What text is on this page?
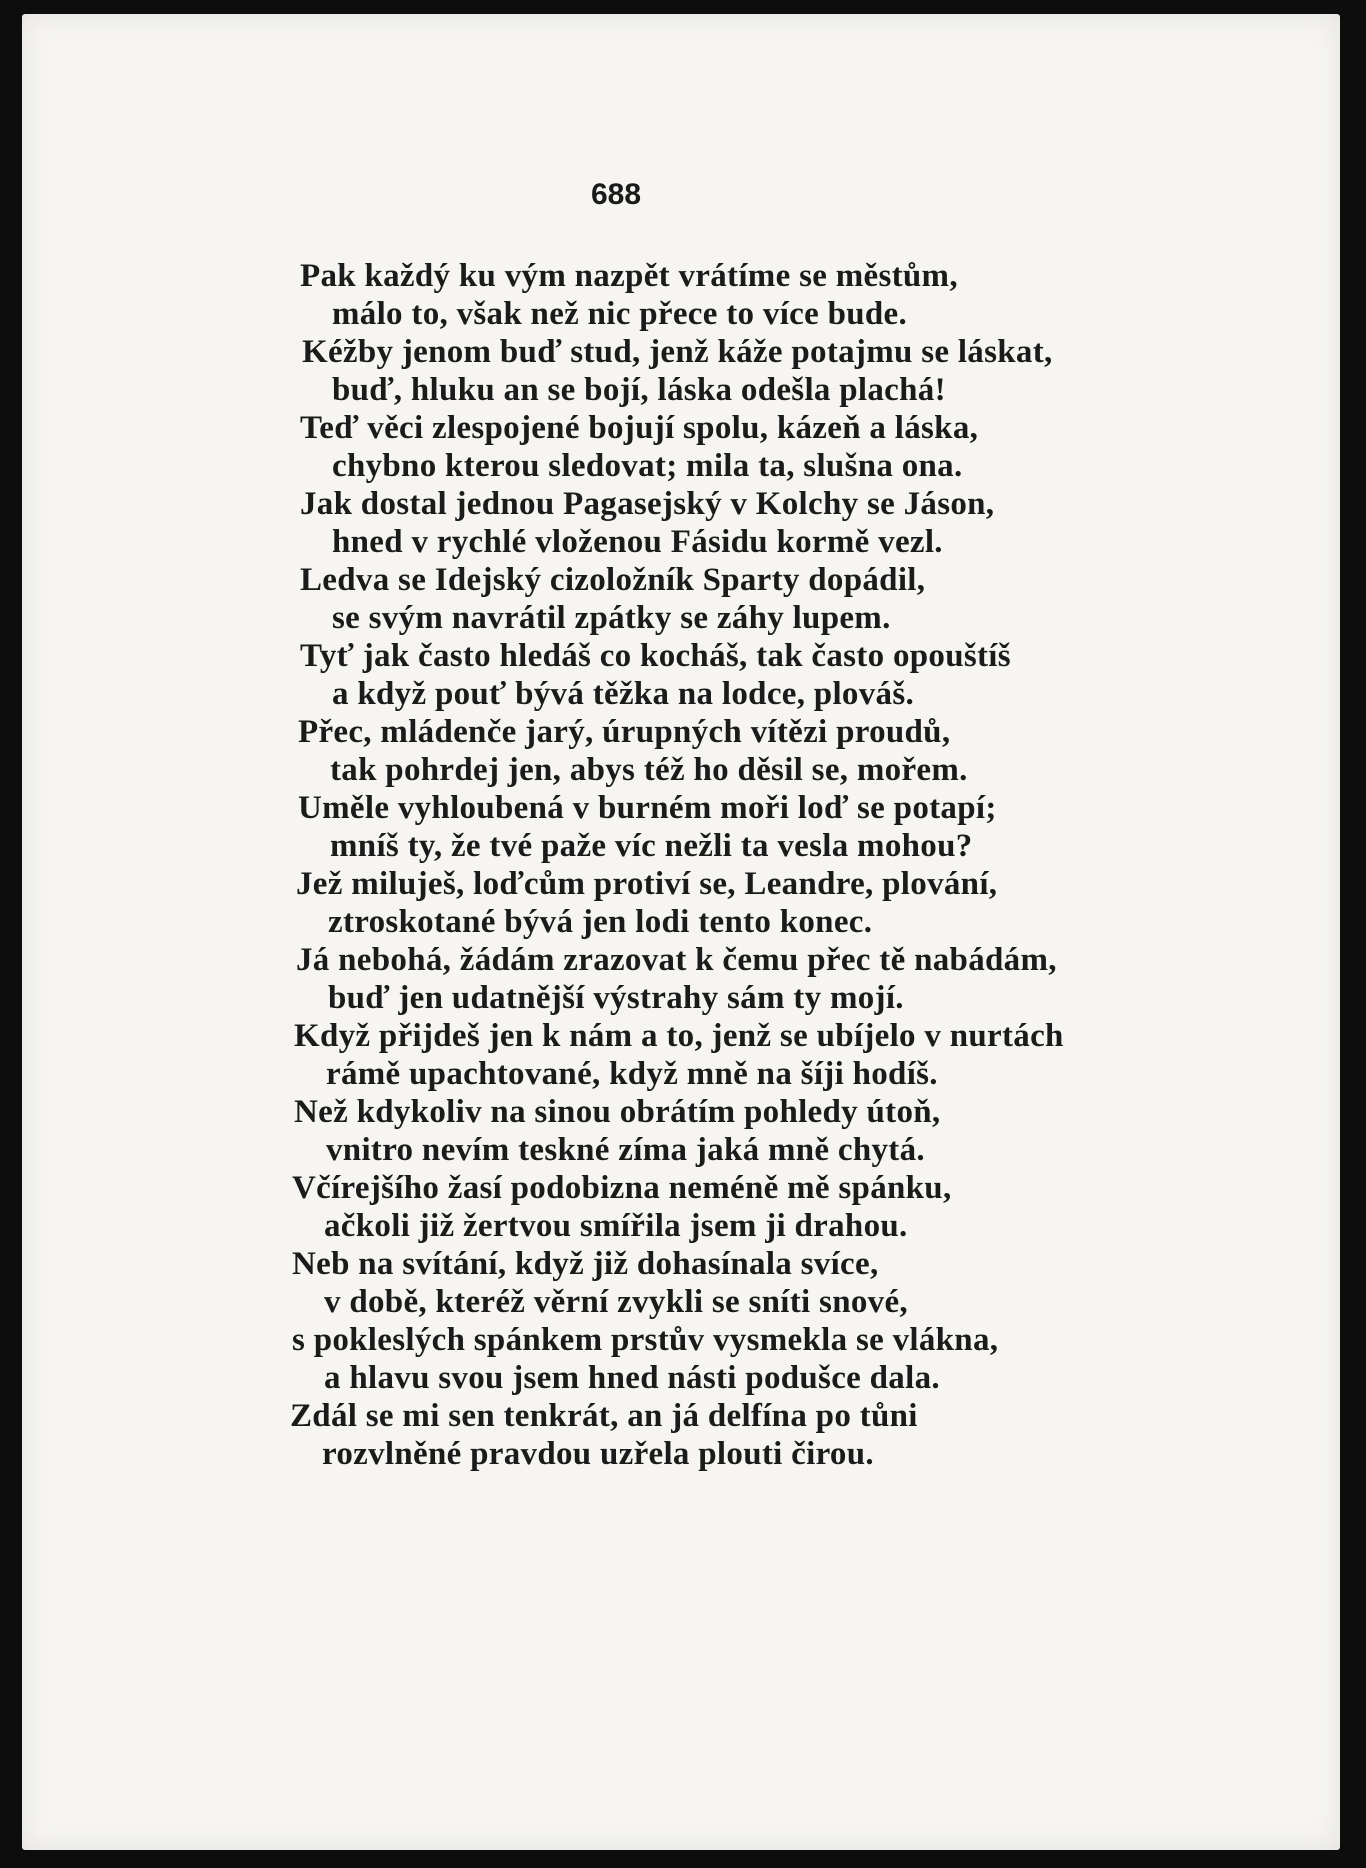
688
Pak každý ku vým nazpět vrátíme se městům,
málo to, však než nic přece to více bude.
Kéžby jenom buď stud, jenž káže potajmu se láskat,
buď, hluku an se bojí, láska odešla plachá!
Teď věci zlespojené bojují spolu, kázeň a láska,
chybno kterou sledovat; mila ta, slušna ona.
Jak dostal jednou Pagasejský v Kolchy se Jáson,
hned v rychlé vloženou Fásidu kormě vezl.
Ledva se Idejský cizoložník Sparty dopádil,
se svým navrátil zpátky se záhy lupem.
Tyť jak často hledáš co kocháš, tak často opouštíš
a když pouť bývá těžka na lodce, plováš.
Přec, mládenče jarý, úrupných vítězi proudů,
tak pohrdej jen, abys též ho děsil se, mořem.
Uměle vyhloubená v burném moři loď se potapí;
mníš ty, že tvé paže víc nežli ta vesla mohou?
Jež miluješ, loďcům protiví se, Leandre, plování,
ztroskotané bývá jen lodi tento konec.
Já nebohá, žádám zrazovat k čemu přec tě nabádám,
buď jen udatnější výstrahy sám ty mojí.
Když přijdeš jen k nám a to, jenž se ubíjelo v nurtách
rámě upachtované, když mně na šíji hodíš.
Než kdykoliv na sinou obrátím pohledy útoň,
vnitro nevím teskné zíma jaká mně chytá.
Včírejšího žasí podobizna neméně mě spánku,
ačkoli již žertvou smířila jsem ji drahou.
Neb na svítání, když již dohasínala svíce,
v době, kteréž věrní zvykli se sníti snové,
s pokleslých spánkem prstův vysmekla se vlákna,
a hlavu svou jsem hned násti podušce dala.
Zdál se mi sen tenkrát, an já delfína po tůni
rozvlněné pravdou uzřela plouti čirou.
